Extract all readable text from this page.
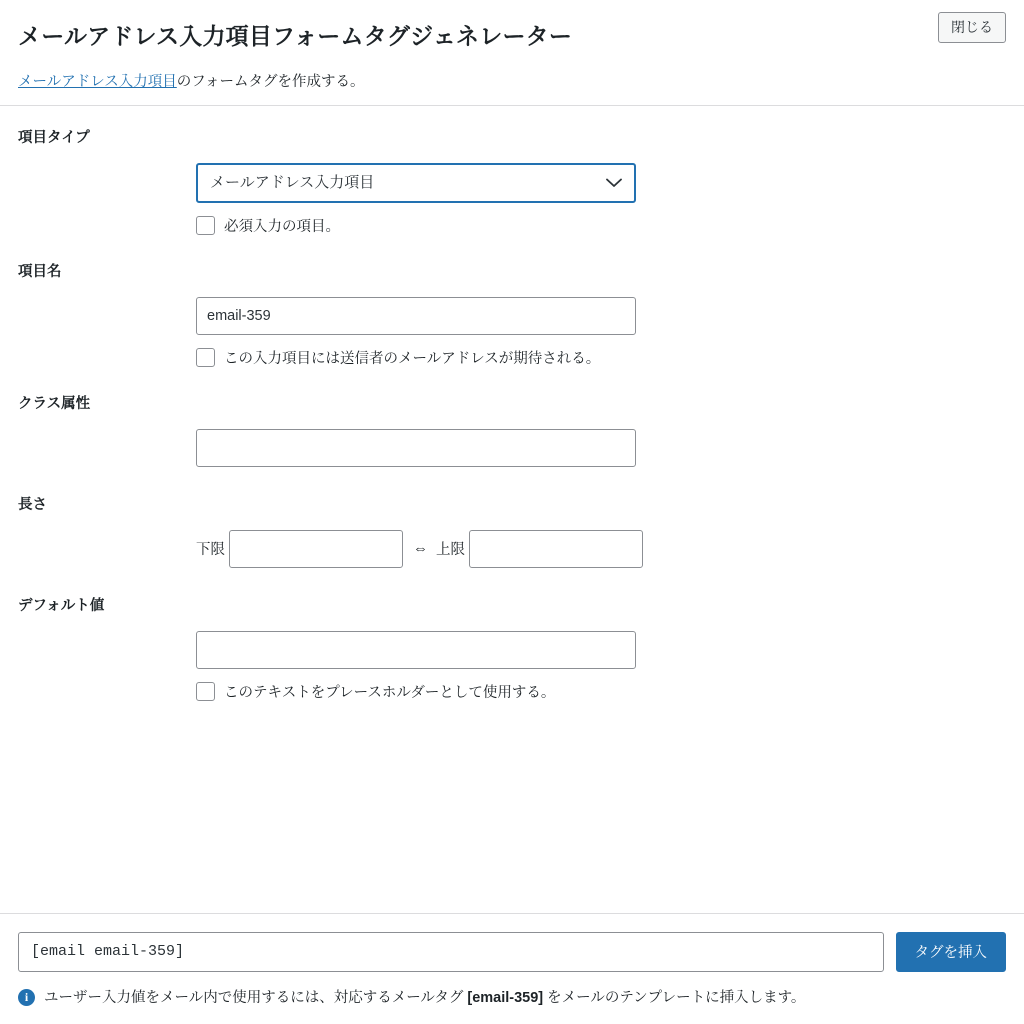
閉じる
メールアドレス入力項目フォームタグジェネレーター

メールアドレス入力項目のフォームタグを作成する。

項目タイプ
メールアドレス入力項目
必須入力の項目。
項目名
email-359
この入力項目には送信者のメールアドレスが期待される。
クラス属性
長さ
下限	⇔ 上限
デフォルト値
このテキストをプレースホルダーとして使用する。
[email email-359]
タグを挿入
i	ユーザー入力値をメール内で使用するには、対応するメールタグ [email-359] をメールのテンプレートに挿入します。
